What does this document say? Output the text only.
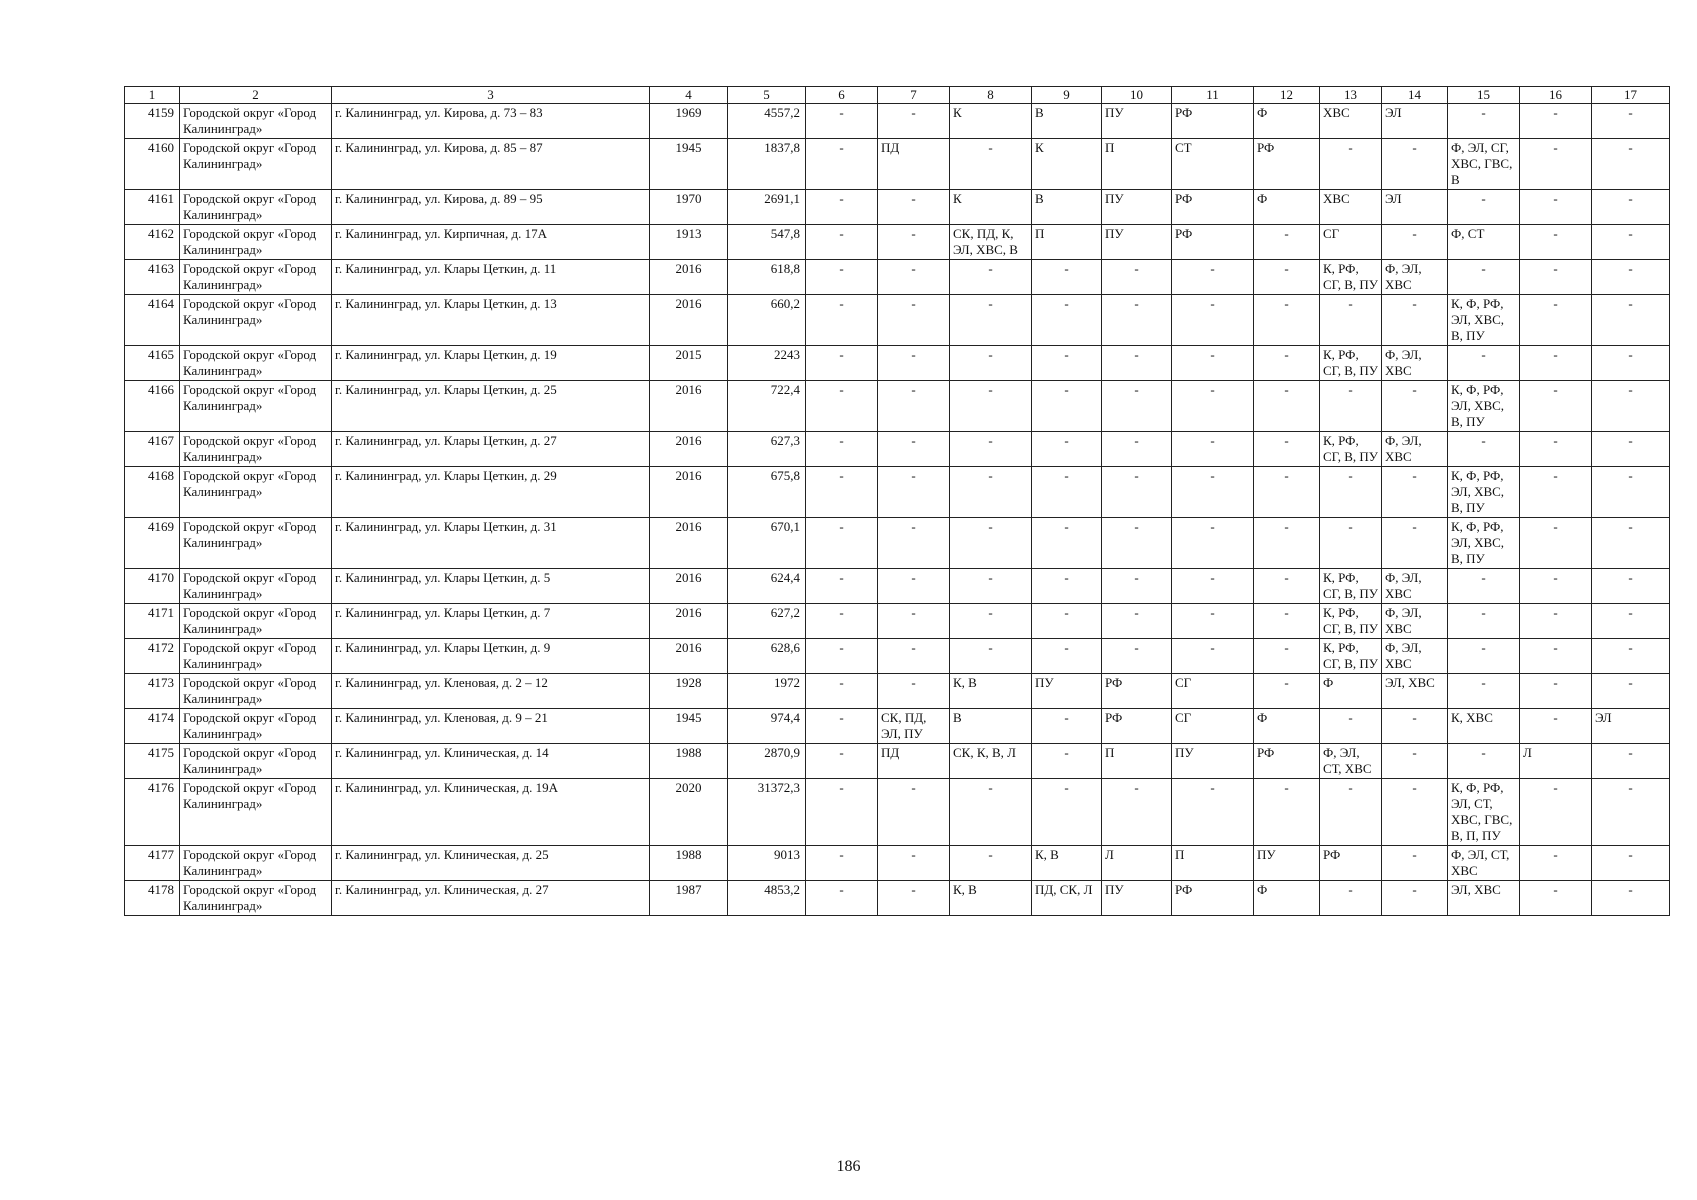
1	2	3	4	5	6	7	8	9	10	11	12	13	14	15	16	17
4159	Городской округ «Город Калининград»	г. Калининград, ул. Кирова, д. 73 – 83	1969	4557,2	-	-	К	В	ПУ	РФ	Ф	ХВС	ЭЛ	-	-	-
4160	Городской округ «Город Калининград»	г. Калининград, ул. Кирова, д. 85 – 87	1945	1837,8	-	ПД	-	К	П	СТ	РФ	-	-	Ф, ЭЛ, СГ, ХВС, ГВС, В	-	-
4161	Городской округ «Город Калининград»	г. Калининград, ул. Кирова, д. 89 – 95	1970	2691,1	-	-	К	В	ПУ	РФ	Ф	ХВС	ЭЛ	-	-	-
4162	Городской округ «Город Калининград»	г. Калининград, ул. Кирпичная, д. 17А	1913	547,8	-	-	СК, ПД, К, ЭЛ, ХВС, В	П	ПУ	РФ	-	СГ	-	Ф, СТ	-	-
4163	Городской округ «Город Калининград»	г. Калининград, ул. Клары Цеткин, д. 11	2016	618,8	-	-	-	-	-	-	-	К, РФ, СГ, В, ПУ	Ф, ЭЛ, ХВС	-	-	-
4164	Городской округ «Город Калининград»	г. Калининград, ул. Клары Цеткин, д. 13	2016	660,2	-	-	-	-	-	-	-	-	-	К, Ф, РФ, ЭЛ, ХВС, В, ПУ	-	-
4165	Городской округ «Город Калининград»	г. Калининград, ул. Клары Цеткин, д. 19	2015	2243	-	-	-	-	-	-	-	К, РФ, СГ, В, ПУ	Ф, ЭЛ, ХВС	-	-	-
4166	Городской округ «Город Калининград»	г. Калининград, ул. Клары Цеткин, д. 25	2016	722,4	-	-	-	-	-	-	-	-	-	К, Ф, РФ, ЭЛ, ХВС, В, ПУ	-	-
4167	Городской округ «Город Калининград»	г. Калининград, ул. Клары Цеткин, д. 27	2016	627,3	-	-	-	-	-	-	-	К, РФ, СГ, В, ПУ	Ф, ЭЛ, ХВС	-	-	-
4168	Городской округ «Город Калининград»	г. Калининград, ул. Клары Цеткин, д. 29	2016	675,8	-	-	-	-	-	-	-	-	-	К, Ф, РФ, ЭЛ, ХВС, В, ПУ	-	-
4169	Городской округ «Город Калининград»	г. Калининград, ул. Клары Цеткин, д. 31	2016	670,1	-	-	-	-	-	-	-	-	-	К, Ф, РФ, ЭЛ, ХВС, В, ПУ	-	-
4170	Городской округ «Город Калининград»	г. Калининград, ул. Клары Цеткин, д. 5	2016	624,4	-	-	-	-	-	-	-	К, РФ, СГ, В, ПУ	Ф, ЭЛ, ХВС	-	-	-
4171	Городской округ «Город Калининград»	г. Калининград, ул. Клары Цеткин, д. 7	2016	627,2	-	-	-	-	-	-	-	К, РФ, СГ, В, ПУ	Ф, ЭЛ, ХВС	-	-	-
4172	Городской округ «Город Калининград»	г. Калининград, ул. Клары Цеткин, д. 9	2016	628,6	-	-	-	-	-	-	-	К, РФ, СГ, В, ПУ	Ф, ЭЛ, ХВС	-	-	-
4173	Городской округ «Город Калининград»	г. Калининград, ул. Кленовая, д. 2 – 12	1928	1972	-	-	К, В	ПУ	РФ	СГ	-	Ф	ЭЛ, ХВС	-	-	-
4174	Городской округ «Город Калининград»	г. Калининград, ул. Кленовая, д. 9 – 21	1945	974,4	-	СК, ПД, ЭЛ, ПУ	В	-	РФ	СГ	Ф	-	-	К, ХВС	-	ЭЛ
4175	Городской округ «Город Калининград»	г. Калининград, ул. Клиническая, д. 14	1988	2870,9	-	ПД	СК, К, В, Л	-	П	ПУ	РФ	Ф, ЭЛ, СТ, ХВС	-	-	Л	-
4176	Городской округ «Город Калининград»	г. Калининград, ул. Клиническая, д. 19А	2020	31372,3	-	-	-	-	-	-	-	-	-	К, Ф, РФ, ЭЛ, СТ, ХВС, ГВС, В, П, ПУ	-	-
4177	Городской округ «Город Калининград»	г. Калининград, ул. Клиническая, д. 25	1988	9013	-	-	-	К, В	Л	П	ПУ	РФ	-	Ф, ЭЛ, СТ, ХВС	-	-
4178	Городской округ «Город Калининград»	г. Калининград, ул. Клиническая, д. 27	1987	4853,2	-	-	К, В	ПД, СК, Л	ПУ	РФ	Ф	-	-	ЭЛ, ХВС	-	-
186
